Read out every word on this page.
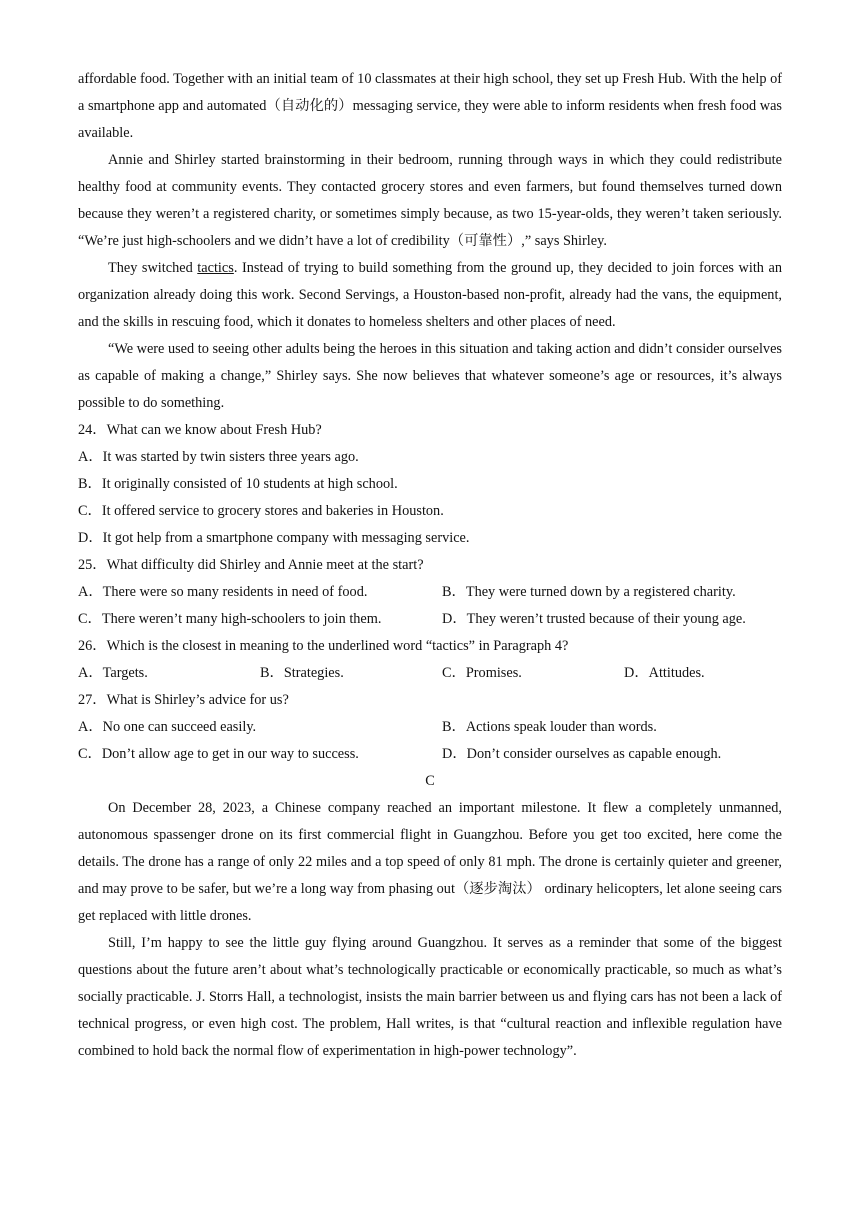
affordable food. Together with an initial team of 10 classmates at their high school, they set up Fresh Hub. With the help of a smartphone app and automated（自动化的）messaging service, they were able to inform residents when fresh food was available.

Annie and Shirley started brainstorming in their bedroom, running through ways in which they could redistribute healthy food at community events. They contacted grocery stores and even farmers, but found themselves turned down because they weren’t a registered charity, or sometimes simply because, as two 15-year-olds, they weren’t taken seriously. “We’re just high-schoolers and we didn’t have a lot of credibility（可靠性）,” says Shirley.

They switched tactics. Instead of trying to build something from the ground up, they decided to join forces with an organization already doing this work. Second Servings, a Houston-based non-profit, already had the vans, the equipment, and the skills in rescuing food, which it donates to homeless shelters and other places of need.

“We were used to seeing other adults being the heroes in this situation and taking action and didn’t consider ourselves as capable of making a change,” Shirley says. She now believes that whatever someone’s age or resources, it’s always possible to do something.

24．What can we know about Fresh Hub?
A．It was started by twin sisters three years ago.
B．It originally consisted of 10 students at high school.
C．It offered service to grocery stores and bakeries in Houston.
D．It got help from a smartphone company with messaging service.
25．What difficulty did Shirley and Annie meet at the start?
A．There were so many residents in need of food.	B．They were turned down by a registered charity.
C．There weren’t many high-schoolers to join them.	D．They weren’t trusted because of their young age.
26．Which is the closest in meaning to the underlined word “tactics” in Paragraph 4?
A．Targets.	B．Strategies.	C．Promises.	D．Attitudes.
27．What is Shirley’s advice for us?
A．No one can succeed easily.	B．Actions speak louder than words.
C．Don’t allow age to get in our way to success.	D．Don’t consider ourselves as capable enough.
C

On December 28, 2023, a Chinese company reached an important milestone. It flew a completely unmanned, autonomous spassenger drone on its first commercial flight in Guangzhou. Before you get too excited, here come the details. The drone has a range of only 22 miles and a top speed of only 81 mph. The drone is certainly quieter and greener, and may prove to be safer, but we’re a long way from phasing out（逐步淘汰） ordinary helicopters, let alone seeing cars get replaced with little drones.

Still, I’m happy to see the little guy flying around Guangzhou. It serves as a reminder that some of the biggest questions about the future aren’t about what’s technologically practicable or economically practicable, so much as what’s socially practicable. J. Storrs Hall, a technologist, insists the main barrier between us and flying cars has not been a lack of technical progress, or even high cost. The problem, Hall writes, is that “cultural reaction and inflexible regulation have combined to hold back the normal flow of experimentation in high-power technology”.
